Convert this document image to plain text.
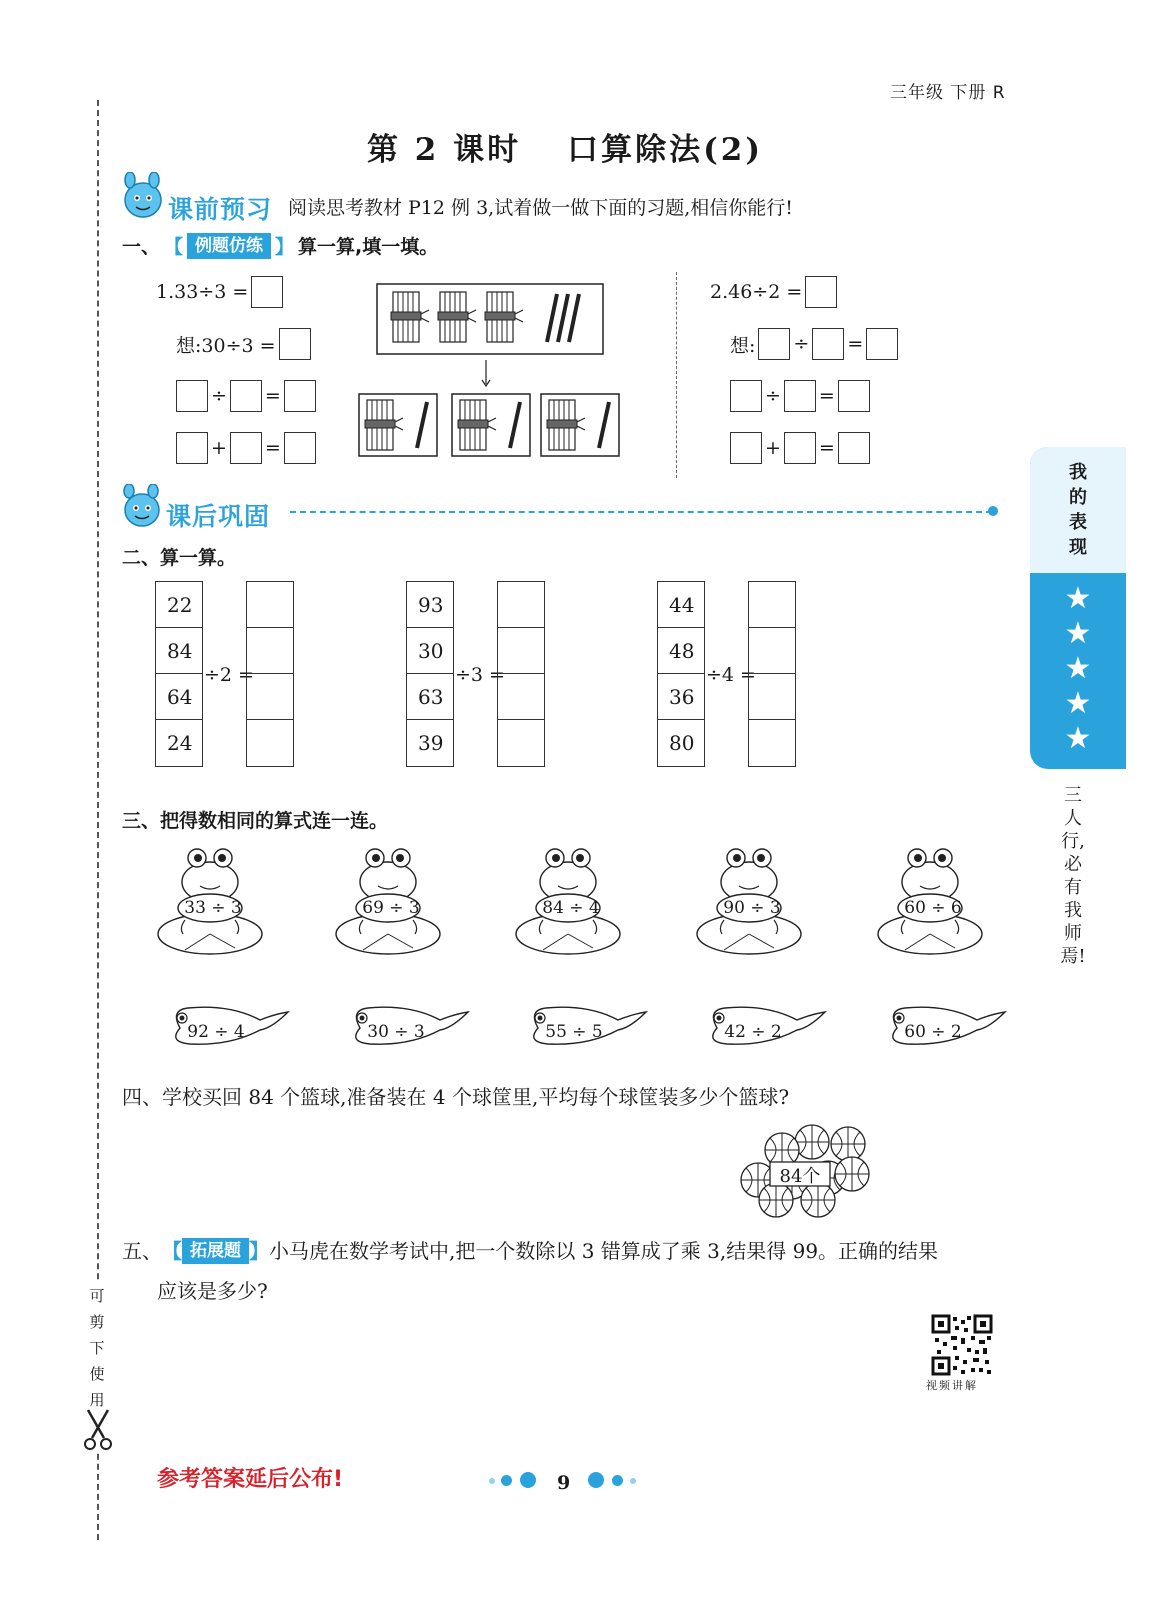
可
剪
下
使
用
三年级 下册 R
第 2 课时 口算除法(2)
课前预习 阅读思考教材 P12 例 3,试着做一做下面的习题,相信你能行!
一、 【 例题仿练 】 算一算,填一填。
1.33÷3 =
想:30÷3 =
÷ =
+ =
2.46÷2 =
想: ÷ =
÷ =
+ =
课后巩固
二、算一算。
22
84
64
24
÷2 =
93
30
63
39
÷3 =
44
48
36
80
÷4 =
三、把得数相同的算式连一连。
33 ÷ 3	69 ÷ 3	84 ÷ 4	90 ÷ 3	60 ÷ 6
92 ÷ 4	30 ÷ 3	55 ÷ 5	42 ÷ 2	60 ÷ 2
四、学校买回 84 个篮球,准备装在 4 个球筐里,平均每个球筐装多少个篮球?
84个
五、 【 拓展题 】 小马虎在数学考试中,把一个数除以 3 错算成了乘 3,结果得 99。正确的结果
应该是多少?
视频讲解
我
的
表
现
★
★
★
★
★
三人行,必有我师焉!
参考答案延后公布!	9
